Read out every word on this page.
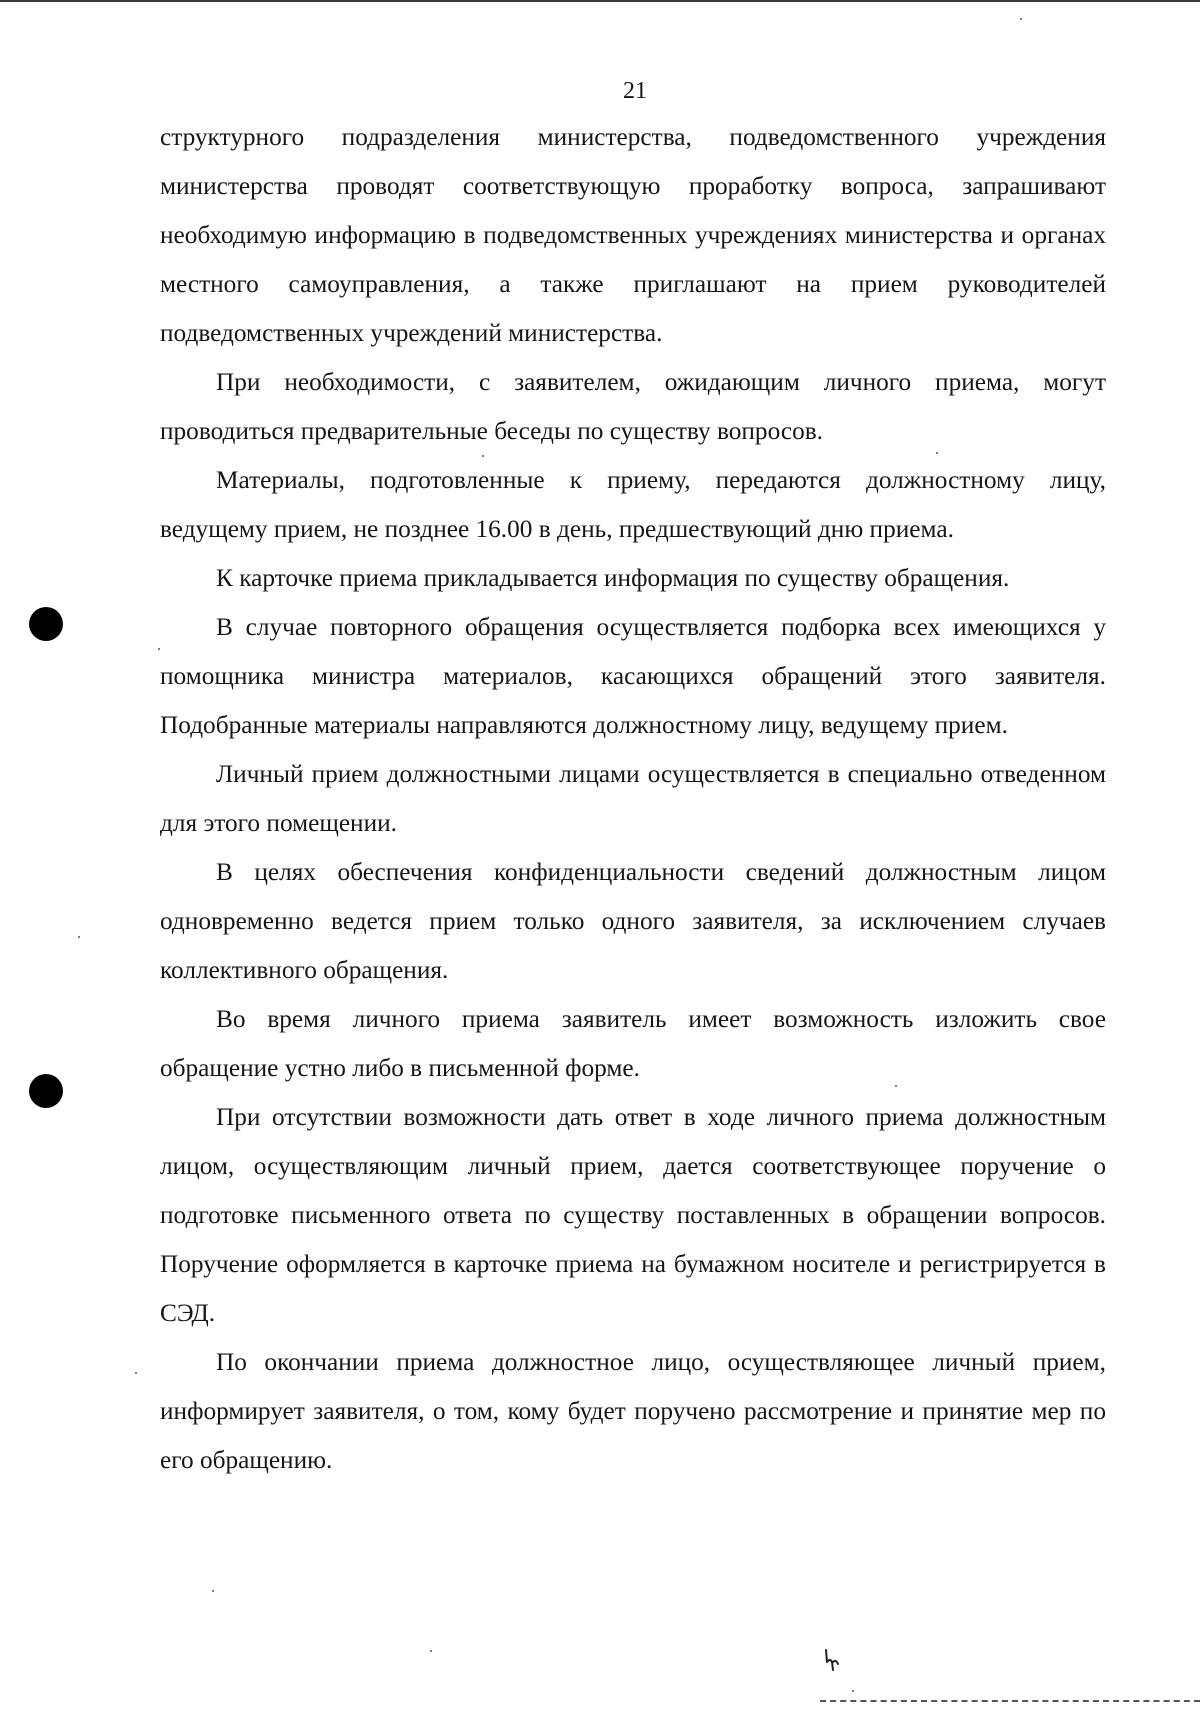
21

структурного подразделения министерства, подведомственного учреждения министерства проводят соответствующую проработку вопроса, запрашивают необходимую информацию в подведомственных учреждениях министерства и органах местного самоуправления, а также приглашают на прием руководителей подведомственных учреждений министерства.

При необходимости, с заявителем, ожидающим личного приема, могут проводиться предварительные беседы по существу вопросов.

Материалы, подготовленные к приему, передаются должностному лицу, ведущему прием, не позднее 16.00 в день, предшествующий дню приема.

К карточке приема прикладывается информация по существу обращения.

В случае повторного обращения осуществляется подборка всех имеющихся у помощника министра материалов, касающихся обращений этого заявителя. Подобранные материалы направляются должностному лицу, ведущему прием.

Личный прием должностными лицами осуществляется в специально отведенном для этого помещении.

В целях обеспечения конфиденциальности сведений должностным лицом одновременно ведется прием только одного заявителя, за исключением случаев коллективного обращения.

Во время личного приема заявитель имеет возможность изложить свое обращение устно либо в письменной форме.

При отсутствии возможности дать ответ в ходе личного приема должностным лицом, осуществляющим личный прием, дается соответствующее поручение о подготовке письменного ответа по существу поставленных в обращении вопросов. Поручение оформляется в карточке приема на бумажном носителе и регистрируется в СЭД.

По окончании приема должностное лицо, осуществляющее личный прием, информирует заявителя, о том, кому будет поручено рассмотрение и принятие мер по его обращению.
